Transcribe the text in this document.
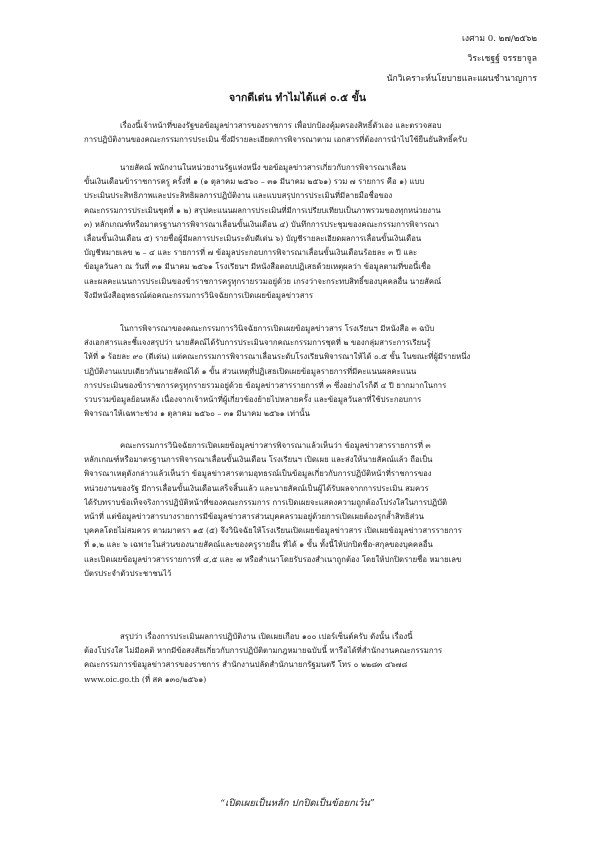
เงศาม 0. ๒๗/๒๕๖๒
วิระเชฐฐ์ จรรยาจูล
นักวิเคราะห์นโยบายและแผนชำนาญการ
จากดีเด่น ทำไมได้แค่ ๐.๕ ขั้น
เรื่องนี้เจ้าหน้าที่ของรัฐขอข้อมูลข่าวสารของราชการ เพื่อปกป้องคุ้มครองสิทธิ์ตัวเอง และตรวจสอบ
การปฏิบัติงานของคณะกรรมการประเมิน ซึ่งมีรายละเอียดการพิจารณาตาม เอกสารที่ต้องการนำไปใช้ยืนยันสิทธิ์ครับ
นายสัคณ์ พนักงานในหน่วยงานรัฐแห่งหนึ่ง ขอข้อมูลข่าวสารเกี่ยวกับการพิจารณาเลื่อน
ขั้นเงินเดือนข้าราชการครู ครั้งที่ ๑ (๑ ตุลาคม ๒๕๖๐ – ๓๑ มีนาคม ๒๕๖๑) รวม ๗ รายการ คือ ๑) แบบ
ประเมินประสิทธิภาพและประสิทธิผลการปฏิบัติงาน และแบบสรุปการประเมินที่มีลายมือชื่อของ
คณะกรรมการประเมินชุดที่ ๑ ๒) สรุปคะแนนผลการประเมินที่มีการเปรียบเทียบเป็นภาพรวมของทุกหน่วยงาน
๓) หลักเกณฑ์หรือมาตรฐานการพิจารณาเลื่อนขั้นเงินเดือน ๔) บันทึกการประชุมของคณะกรรมการพิจารณา
เลื่อนขั้นเงินเดือน ๕) รายชื่อผู้มีผลการประเมินระดับดีเด่น ๖) บัญชีรายละเอียดผลการเลื่อนขั้นเงินเดือน
บัญชีหมายเลข ๒ – ๔ และ รายการที่ ๗ ข้อมูลประกอบการพิจารณาเลื่อนขั้นเงินเดือนร้อยละ ๓ ปี และ
ข้อมูลวันลา ณ วันที่ ๓๑ มีนาคม ๒๕๖๑ โรงเรียนฯ มีหนังสือตอบปฏิเสธด้วยเหตุผลว่า ข้อมูลตามที่ขอนี้เชื่อ
และผลคะแนนการประเมินของข้าราชการครูทุกรายรวมอยู่ด้วย เกรงว่าจะกระทบสิทธิ์ของบุคคลอื่น นายสัคณ์
จึงมีหนังสืออุทธรณ์ต่อคณะกรรมการวินิจฉัยการเปิดเผยข้อมูลข่าวสาร
ในการพิจารณาของคณะกรรมการวินิจฉัยการเปิดเผยข้อมูลข่าวสาร โรงเรียนฯ มีหนังสือ ๓ ฉบับ
ส่งเอกสารและชี้แจงสรุปว่า นายสัคณ์ได้รับการประเมินจากคณะกรรมการชุดที่ ๒ ของกลุ่มสาระการเรียนรู้
ให้ที่ ๑ ร้อยละ ๙๐ (ดีเด่น) แต่คณะกรรมการพิจารณาเลื่อนระดับโรงเรียนพิจารณาให้ได้ ๐.๕ ขั้น ในขณะที่ผู้มีรายหนึ่ง
ปฏิบัติงานแบบเดียวกันนายสัคณ์ได้ ๑ ขั้น ส่วนเหตุที่ปฏิเสธเปิดเผยข้อมูลรายการที่มีคะแนนผลคะแนน
การประเมินของข้าราชการครูทุกรายรวมอยู่ด้วย ข้อมูลข่าวสารรายการที่ ๓ ซึ่งอย่างไรก็ดี ๔ ปี ยากมากในการ
รวบรวมข้อมูลย้อนหลัง เนื่องจากเจ้าหน้าที่ผู้เกี่ยวข้องย้ายไปหลายครั้ง และข้อมูลวันลาที่ใช้ประกอบการ
พิจารณาให้เฉพาะช่วง ๑ ตุลาคม ๒๕๖๐ – ๓๑ มีนาคม ๒๕๖๑ เท่านั้น
คณะกรรมการวินิจฉัยการเปิดเผยข้อมูลข่าวสารพิจารณาแล้วเห็นว่า ข้อมูลข่าวสารรายการที่ ๓
หลักเกณฑ์หรือมาตรฐานการพิจารณาเลื่อนขั้นเงินเดือน โรงเรียนฯ เปิดเผย และส่งให้นายสัคณ์แล้ว ถือเป็น
พิจารณาเหตุดังกล่าวแล้วเห็นว่า ข้อมูลข่าวสารตามอุทธรณ์เป็นข้อมูลเกี่ยวกับการปฏิบัติหน้าที่ราชการของ
หน่วยงานของรัฐ มีการเลื่อนขั้นเงินเดือนเสร็จสิ้นแล้ว และนายสัคณ์เป็นผู้ได้รับผลจากการประเมิน สมควร
ได้รับทราบข้อเท็จจริงการปฏิบัติหน้าที่ของคณะกรรมการ การเปิดเผยจะแสดงความถูกต้องโปร่งใสในการปฏิบัติ
หน้าที่ แต่ข้อมูลข่าวสารบางรายการมีข้อมูลข่าวสารส่วนบุคคลรวมอยู่ด้วยการเปิดเผยต้องรุกล้ำสิทธิส่วน
บุคคลโดยไม่สมควร ตามมาตรา ๑๕ (๕) จึงวินิจฉัยให้โรงเรียนเปิดเผยข้อมูลข่าวสาร เปิดเผยข้อมูลข่าวสารรายการ
ที่ ๑,๒ และ ๖ เฉพาะในส่วนของนายสัคณ์และของครูรายอื่น ที่ได้ ๑ ขั้น ทั้งนี้ให้ปกปิดชื่อ-สกุลของบุคคลอื่น
และเปิดเผยข้อมูลข่าวสารรายการที่ ๔,๕ และ ๗ หรือสำเนาโดยรับรองสำเนาถูกต้อง โดยให้ปกปิดรายชื่อ หมายเลข
บัตรประจำตัวประชาชนไว้
สรุปว่า เรื่องการประเมินผลการปฏิบัติงาน เปิดเผยเกือบ ๑๐๐ เปอร์เซ็นต์ครับ ดังนั้น เรื่องนี้
ต้องโปร่งใส ไม่มีอคติ หากมีข้อสงสัยเกี่ยวกับการปฏิบัติตามกฎหมายฉบับนี้ หารือได้ที่สำนักงานคณะกรรมการ
คณะกรรมการข้อมูลข่าวสารของราชการ สำนักงานปลัดสำนักนายกรัฐมนตรี โทร ๐ ๒๒๘๓ ๔๖๗๘
www.oic.go.th (ที่ สค ๑๓๐/๒๕๖๑)
“เปิดเผยเป็นหลัก ปกปิดเป็นข้อยกเว้น”
